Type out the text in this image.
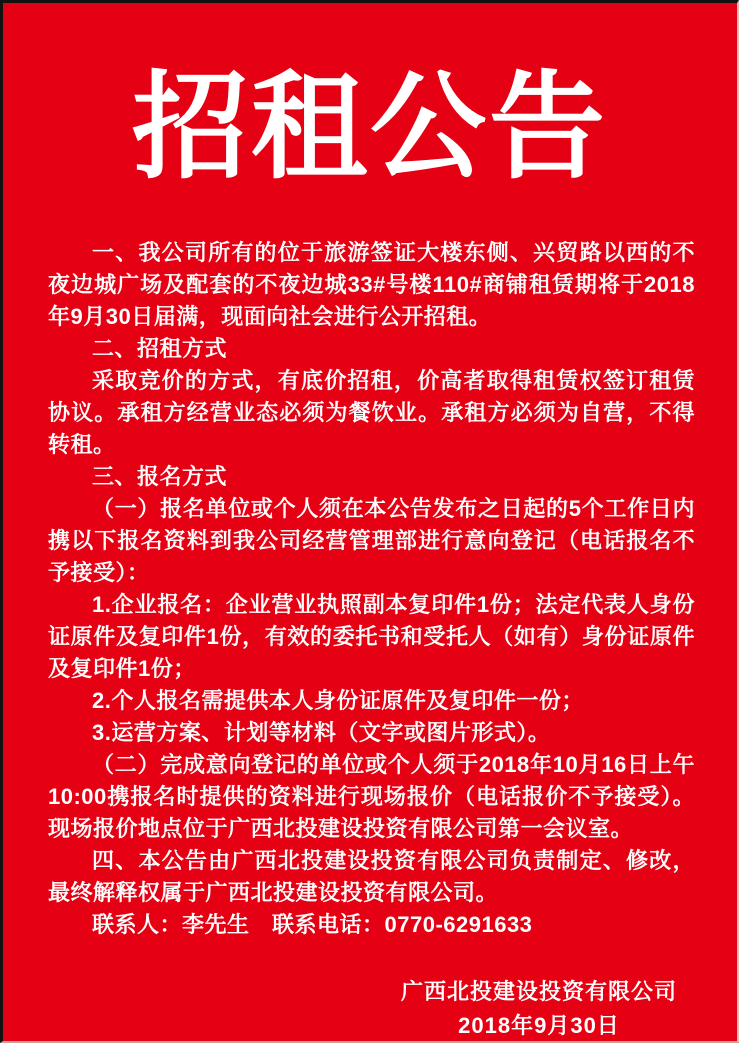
招租公告

一、我公司所有的位于旅游签证大楼东侧、兴贸路以西的不夜边城广场及配套的不夜边城33#号楼110#商铺租赁期将于2018年9月30日届满，现面向社会进行公开招租。

二、招租方式

采取竞价的方式，有底价招租，价高者取得租赁权签订租赁协议。承租方经营业态必须为餐饮业。承租方必须为自营，不得转租。

三、报名方式

（一）报名单位或个人须在本公告发布之日起的5个工作日内携以下报名资料到我公司经营管理部进行意向登记（电话报名不予接受）：

1.企业报名：企业营业执照副本复印件1份；法定代表人身份证原件及复印件1份，有效的委托书和受托人（如有）身份证原件及复印件1份；

2.个人报名需提供本人身份证原件及复印件一份；

3.运营方案、计划等材料（文字或图片形式）。

（二）完成意向登记的单位或个人须于2018年10月16日上午10:00携报名时提供的资料进行现场报价（电话报价不予接受）。现场报价地点位于广西北投建设投资有限公司第一会议室。

四、本公告由广西北投建设投资有限公司负责制定、修改，最终解释权属于广西北投建设投资有限公司。

联系人：李先生　联系电话：0770-6291633

广西北投建设投资有限公司
2018年9月30日
